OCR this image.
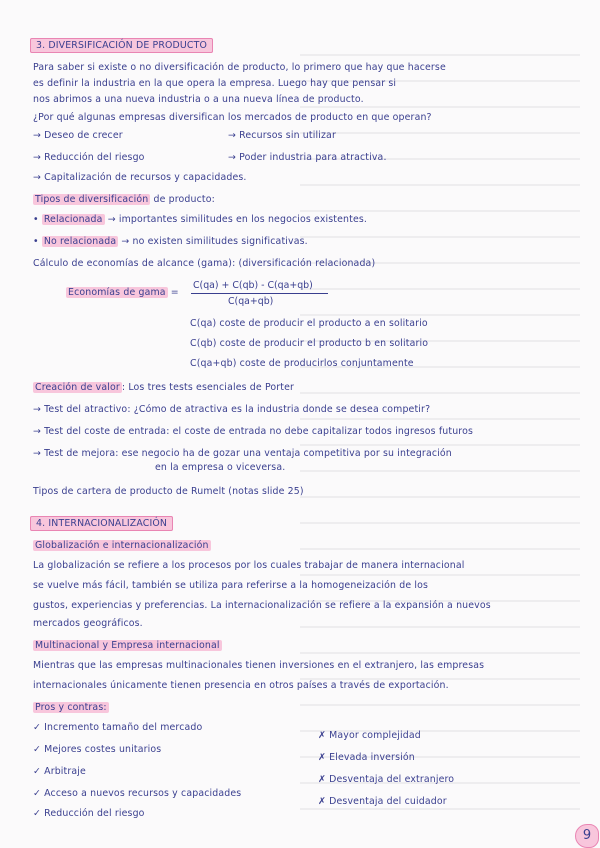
3. DIVERSIFICACIÓN DE PRODUCTO
Para saber si existe o no diversificación de producto, lo primero que hay que hacerse
es definir la industria en la que opera la empresa. Luego hay que pensar si
nos abrimos a una nueva industria o a una nueva línea de producto.
¿Por qué algunas empresas diversifican los mercados de producto en que operan?
→ Deseo de crecer	→ Recursos sin utilizar
→ Reducción del riesgo	→ Poder industria para atractiva.
→ Capitalización de recursos y capacidades.
Tipos de diversificación de producto:
• Relacionada → importantes similitudes en los negocios existentes.
• No relacionada → no existen similitudes significativas.
Cálculo de economías de alcance (gama): (diversificación relacionada)
Economías de gama =
C(qa) + C(qb) - C(qa+qb)
C(qa+qb)
C(qa) coste de producir el producto a en solitario
C(qb) coste de producir el producto b en solitario
C(qa+qb) coste de producirlos conjuntamente
Creación de valor : Los tres tests esenciales de Porter
→ Test del atractivo: ¿Cómo de atractiva es la industria donde se desea competir?
→ Test del coste de entrada: el coste de entrada no debe capitalizar todos ingresos futuros
→ Test de mejora: ese negocio ha de gozar una ventaja competitiva por su integración
en la empresa o viceversa.
Tipos de cartera de producto de Rumelt (notas slide 25)
4. INTERNACIONALIZACIÓN
Globalización e internacionalización
La globalización se refiere a los procesos por los cuales trabajar de manera internacional
se vuelve más fácil, también se utiliza para referirse a la homogeneización de los
gustos, experiencias y preferencias. La internacionalización se refiere a la expansión a nuevos
mercados geográficos.
Multinacional y Empresa internacional
Mientras que las empresas multinacionales tienen inversiones en el extranjero, las empresas
internacionales únicamente tienen presencia en otros países a través de exportación.
Pros y contras:
✓ Incremento tamaño del mercado
✓ Mejores costes unitarios
✓ Arbitraje
✓ Acceso a nuevos recursos y capacidades
✓ Reducción del riesgo
✗ Mayor complejidad
✗ Elevada inversión
✗ Desventaja del extranjero
✗ Desventaja del cuidador
9
